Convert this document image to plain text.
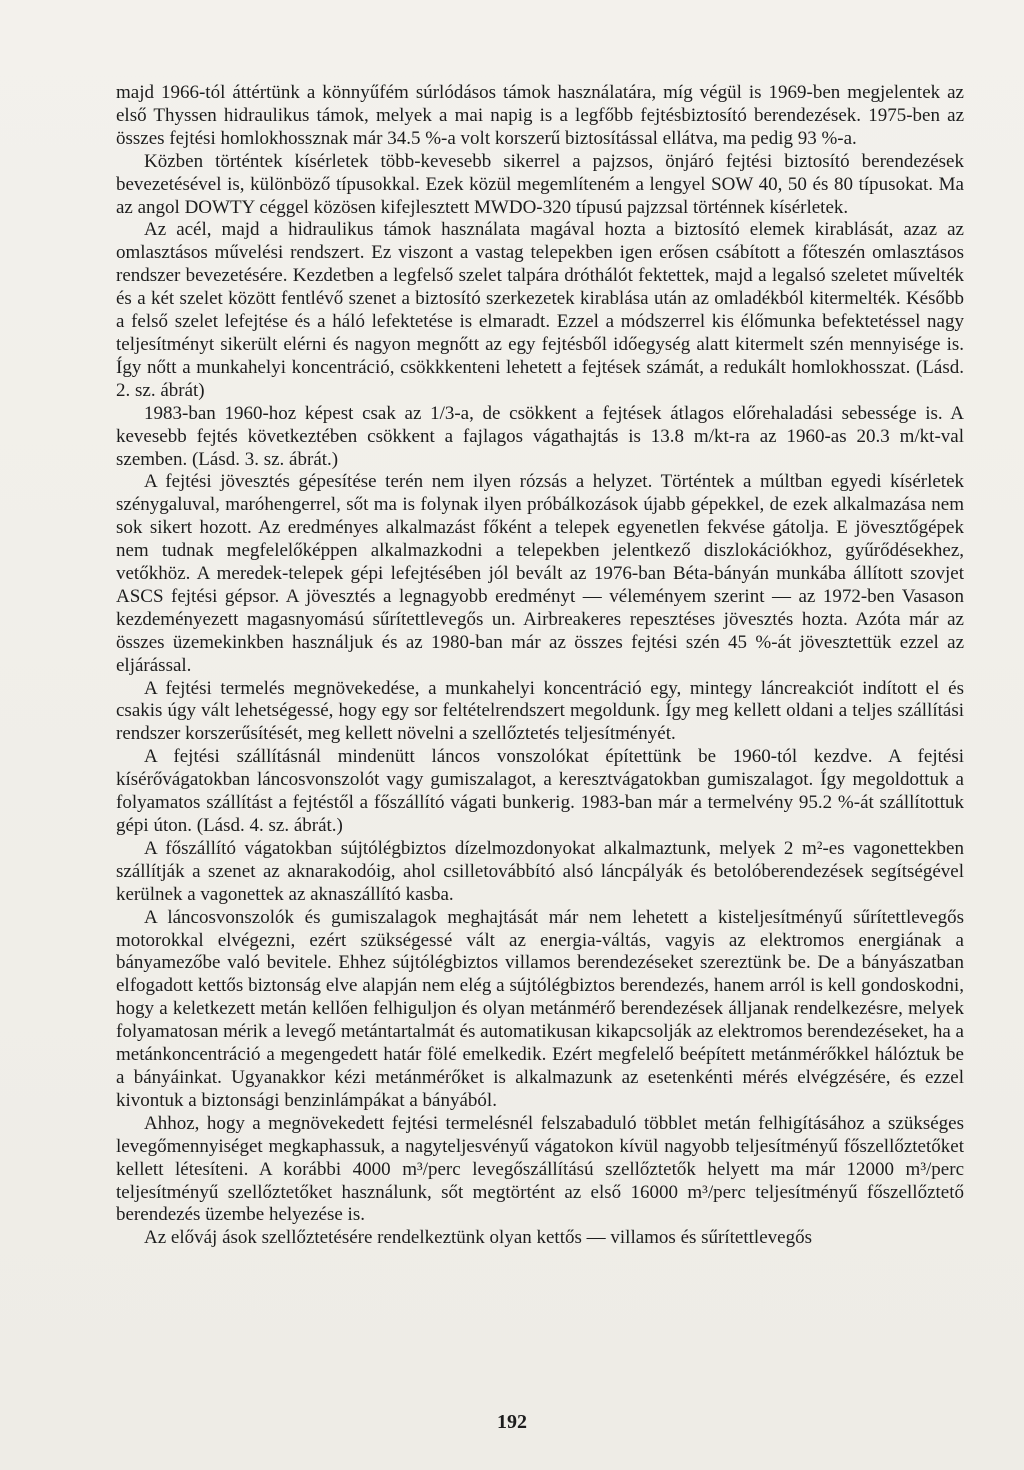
majd 1966-tól áttértünk a könnyűfém súrlódásos támok használatára, míg végül is 1969-ben megjelentek az első Thyssen hidraulikus támok, melyek a mai napig is a legfőbb fejtésbiztosító berendezések. 1975-ben az összes fejtési homlokhossznak már 34.5 %-a volt korszerű biztosítással ellátva, ma pedig 93 %-a.

Közben történtek kísérletek több-kevesebb sikerrel a pajzsos, önjáró fejtési biztosító berendezések bevezetésével is, különböző típusokkal. Ezek közül megemlíteném a lengyel SOW 40, 50 és 80 típusokat. Ma az angol DOWTY céggel közösen kifejlesztett MWDO-320 típusú pajzzsal történnek kísérletek.

Az acél, majd a hidraulikus támok használata magával hozta a biztosító elemek kirablását, azaz az omlasztásos művelési rendszert. Ez viszont a vastag telepekben igen erősen csábított a főteszén omlasztásos rendszer bevezetésére. Kezdetben a legfelső szelet talpára dróthálót fektettek, majd a legalsó szeletet művelték és a két szelet között fentlévő szenet a biztosító szerkezetek kirablása után az omladékból kitermelték. Később a felső szelet lefejtése és a háló lefektetése is elmaradt. Ezzel a módszerrel kis élőmunka befektetéssel nagy teljesítményt sikerült elérni és nagyon megnőtt az egy fejtésből időegység alatt kitermelt szén mennyisége is. Így nőtt a munkahelyi koncentráció, csökkkenteni lehetett a fejtések számát, a redukált homlokhosszat. (Lásd. 2. sz. ábrát)

1983-ban 1960-hoz képest csak az 1/3-a, de csökkent a fejtések átlagos előrehaladási sebessége is. A kevesebb fejtés következtében csökkent a fajlagos vágathajtás is 13.8 m/kt-ra az 1960-as 20.3 m/kt-val szemben. (Lásd. 3. sz. ábrát.)

A fejtési jövesztés gépesítése terén nem ilyen rózsás a helyzet. Történtek a múltban egyedi kísérletek szénygaluval, maróhengerrel, sőt ma is folynak ilyen próbálkozások újabb gépekkel, de ezek alkalmazása nem sok sikert hozott. Az eredményes alkalmazást főként a telepek egyenetlen fekvése gátolja. E jövesztőgépek nem tudnak megfelelőképpen alkalmazkodni a telepekben jelentkező diszlokációkhoz, gyűrődésekhez, vetőkhöz. A meredek-telepek gépi lefejtésében jól bevált az 1976-ban Béta-bányán munkába állított szovjet ASCS fejtési gépsor. A jövesztés a legnagyobb eredményt — véleményem szerint — az 1972-ben Vasason kezdeményezett magasnyomású sűrítettlevegős un. Airbreakeres repesztéses jövesztés hozta. Azóta már az összes üzemekinkben használjuk és az 1980-ban már az összes fejtési szén 45 %-át jövesztettük ezzel az eljárással.

A fejtési termelés megnövekedése, a munkahelyi koncentráció egy, mintegy láncreakciót indított el és csakis úgy vált lehetségessé, hogy egy sor feltételrendszert megoldunk. Így meg kellett oldani a teljes szállítási rendszer korszerűsítését, meg kellett növelni a szellőztetés teljesítményét.

A fejtési szállításnál mindenütt láncos vonszolókat építettünk be 1960-tól kezdve. A fejtési kísérővágatokban láncosvonszolót vagy gumiszalagot, a keresztvágatokban gumiszalagot. Így megoldottuk a folyamatos szállítást a fejtéstől a főszállító vágati bunkerig. 1983-ban már a termelvény 95.2 %-át szállítottuk gépi úton. (Lásd. 4. sz. ábrát.)

A főszállító vágatokban sújtólégbiztos dízelmozdonyokat alkalmaztunk, melyek 2 m²-es vagonettekben szállítják a szenet az aknarakodóig, ahol csilletovábbító alsó láncpályák és betolóberendezések segítségével kerülnek a vagonettek az aknaszállító kasba.

A láncosvonszolók és gumiszalagok meghajtását már nem lehetett a kisteljesítményű sűrítettlevegős motorokkal elvégezni, ezért szükségessé vált az energia-váltás, vagyis az elektromos energiának a bányamezőbe való bevitele. Ehhez sújtólégbiztos villamos berendezéseket szereztünk be. De a bányászatban elfogadott kettős biztonság elve alapján nem elég a sújtólégbiztos berendezés, hanem arról is kell gondoskodni, hogy a keletkezett metán kellően felhiguljon és olyan metánmérő berendezések álljanak rendelkezésre, melyek folyamatosan mérik a levegő metántartalmát és automatikusan kikapcsolják az elektromos berendezéseket, ha a metánkoncentráció a megengedett határ fölé emelkedik. Ezért megfelelő beépített metánmérőkkel hálóztuk be a bányáinkat. Ugyanakkor kézi metánmérőket is alkalmazunk az esetenkénti mérés elvégzésére, és ezzel kivontuk a biztonsági benzinlámpákat a bányából.

Ahhoz, hogy a megnövekedett fejtési termelésnél felszabaduló többlet metán felhigításához a szükséges levegőmennyiséget megkaphassuk, a nagyteljesvényű vágatokon kívül nagyobb teljesítményű főszellőztetőket kellett létesíteni. A korábbi 4000 m³/perc levegőszállítású szellőztetők helyett ma már 12000 m³/perc teljesítményű szellőztetőket használunk, sőt megtörtént az első 16000 m³/perc teljesítményű főszellőztető berendezés üzembe helyezése is.

Az előváj ások szellőztetésére rendelkeztünk olyan kettős — villamos és sűrítettlevegős

192
